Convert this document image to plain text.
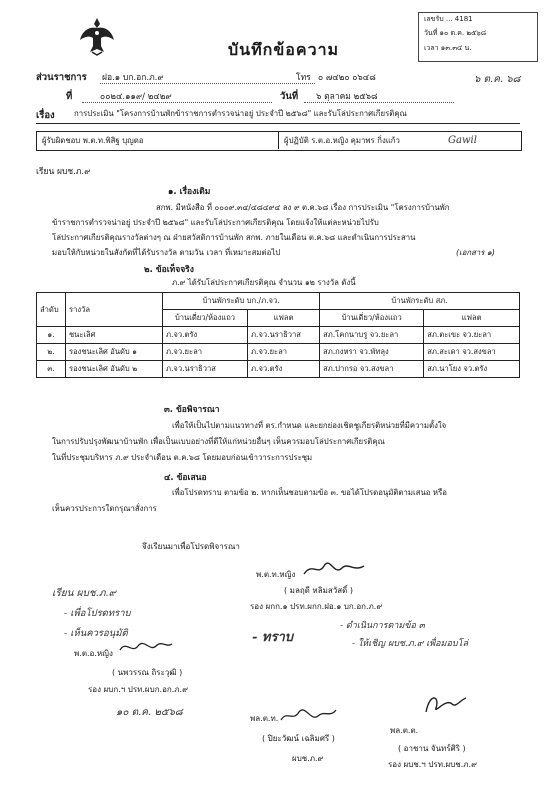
เลขรับ ... 4181
วันที่ ๑๐ ต.ค. ๒๕๖๘
เวลา ๑๓.๓๔ น.
๖ ต.ค. ๖๘
บันทึกข้อความ
ส่วนราชการ ฝอ.๑ บก.อก.ภ.๙	โทร ๐ ๗๔๒๐ ๐๖๔๘
ที่	๐๐๒๔.๑๑๙/ ๒๔๒๙	วันที่ ๖ ตุลาคม ๒๕๖๘
เรื่อง การประเมิน "โครงการบ้านพักข้าราชการตำรวจน่าอยู่ ประจำปี ๒๕๖๘" และรับโล่ประกาศเกียรติคุณ
ผู้รับผิดชอบ พ.ต.ท.พิสิฐ บุญดอ	ผู้ปฏิบัติ ร.ต.อ.หญิง คุมาพร กิ่งแก้ว	Gawil
เรียน ผบช.ภ.๙
๑. เรื่องเดิม
สกพ. มีหนังสือ ที่ ๐๐๐๙.๓๔/๔๘๔๙๔ ลง ๙ ต.ค.๖๘ เรื่อง การประเมิน "โครงการบ้านพัก
ข้าราชการตำรวจน่าอยู่ ประจำปี ๒๕๖๘" และรับโล่ประกาศเกียรติคุณ โดยแจ้งให้แต่ละหน่วยไปรับ
โล่ประกาศเกียรติคุณรางวัลต่างๆ ณ ฝ่ายสวัสดิการบ้านพัก สกพ. ภายในเดือน ต.ค.๖๘ และดำเนินการประสาน
มอบให้กับหน่วยในสังกัดที่ได้รับรางวัล ตามวัน เวลา ที่เหมาะสมต่อไป	(เอกสาร ๑)
๒. ข้อเท็จจริง
ภ.๙ ได้รับโล่ประกาศเกียรติคุณ จำนวน ๑๒ รางวัล ดังนี้
ลำดับ	รางวัล	บ้านพักระดับ บก./ภ.จว.		บ้านพักระดับ สภ.	
		บ้านเดี่ยว/ห้องแถว	แฟลต	บ้านเดี่ยว/ห้องแถว	แฟลต
๑.	ชนะเลิศ	ภ.จว.ตรัง	ภ.จว.นราธิวาส	สภ.โคกนาบรู จว.ยะลา	สภ.ตะเขะ จว.ยะลา
๒.	รองชนะเลิศ อันดับ ๑	ภ.จว.ยะลา	ภ.จว.ยะลา	สภ.กงหรา จว.พัทลุง	สภ.สะเดา จว.สงขลา
๓.	รองชนะเลิศ อันดับ ๒	ภ.จว.นราธิวาส	ภ.จว.ตรัง	สภ.ปากรอ จว.สงขลา	สภ.นาโยง จว.ตรัง
๓. ข้อพิจารณา
เพื่อให้เป็นไปตามแนวทางที่ ตร.กำหนด และยกย่องเชิดชูเกียรติหน่วยที่มีความตั้งใจ
ในการปรับปรุงพัฒนาบ้านพัก เพื่อเป็นแบบอย่างที่ดีให้แก่หน่วยอื่นๆ เห็นควรมอบโล่ประกาศเกียรติคุณ
ในที่ประชุมบริหาร ภ.๙ ประจำเดือน ต.ค.๖๘ โดยมอบก่อนเข้าวาระการประชุม
๔. ข้อเสนอ
เพื่อโปรดทราบ ตามข้อ ๒. หากเห็นชอบตามข้อ ๓. ขอได้โปรดอนุมัติตามเสนอ หรือ
เห็นควรประการใดกรุณาสั่งการ
จึงเรียนมาเพื่อโปรดพิจารณา
พ.ต.ท.หญิง
( มลฤดี หลิมสวัสดิ์ )
รอง ผกก.๑ ปรท.ผกก.ฝอ.๑ บก.อก.ภ.๙
เรียน ผบช.ภ.๙
- เพื่อโปรดทราบ
- เห็นควรอนุมัติ
พ.ต.อ.หญิง
( นพวรรณ ถิระวุฒิ )
รอง ผบก.ฯ ปรท.ผบก.อก.ภ.๙
๑๐ ต.ค. ๒๕๖๘
- ทราบ
- ดำเนินการตามข้อ ๓
- ให้เชิญ ผบช.ภ.๙ เพื่อมอบโล่
พล.ต.ท.
( ปิยะวัฒน์ เฉลิมศรี )
ผบช.ภ.๙
พล.ต.ต.
( อาชาน จันทร์ศิริ )
รอง ผบช.ฯ ปรท.ผบช.ภ.๙
